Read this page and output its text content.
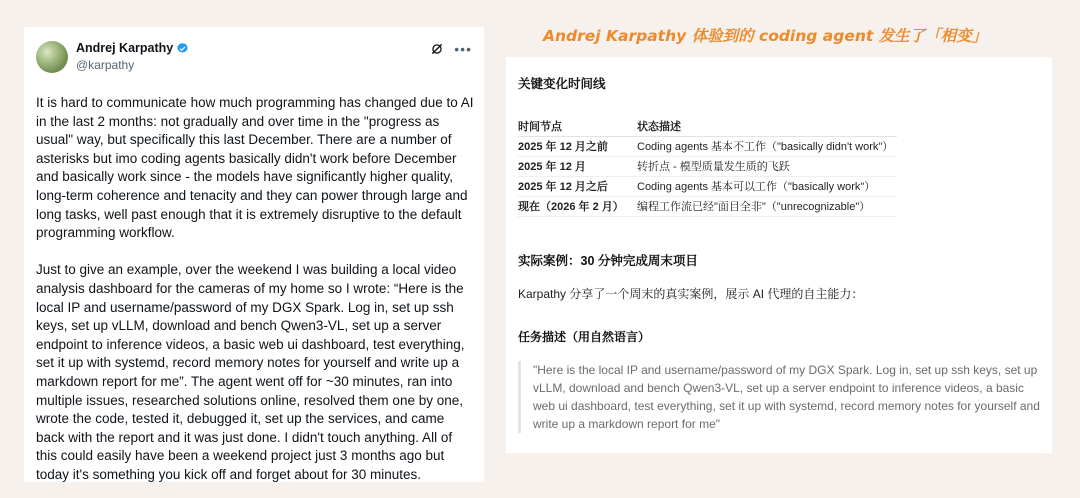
Andrej Karpathy
@karpathy
•••

It is hard to communicate how much programming has changed due to AI in the last 2 months: not gradually and over time in the "progress as usual" way, but specifically this last December. There are a number of asterisks but imo coding agents basically didn't work before December and basically work since - the models have significantly higher quality, long-term coherence and tenacity and they can power through large and long tasks, well past enough that it is extremely disruptive to the default programming workflow.

Just to give an example, over the weekend I was building a local video analysis dashboard for the cameras of my home so I wrote: “Here is the local IP and username/password of my DGX Spark. Log in, set up ssh keys, set up vLLM, download and bench Qwen3-VL, set up a server endpoint to inference videos, a basic web ui dashboard, test everything, set it up with systemd, record memory notes for yourself and write up a markdown report for me”. The agent went off for ~30 minutes, ran into multiple issues, researched solutions online, resolved them one by one, wrote the code, tested it, debugged it, set up the services, and came back with the report and it was just done. I didn't touch anything. All of this could easily have been a weekend project just 3 months ago but today it's something you kick off and forget about for 30 minutes.

Andrej Karpathy 体验到的 coding agent 发生了「相变」
关键变化时间线
时间节点	状态描述
2025 年 12 月之前	Coding agents 基本不工作（"basically didn't work"）
2025 年 12 月	转折点 - 模型质量发生质的飞跃
2025 年 12 月之后	Coding agents 基本可以工作（"basically work"）
现在（2026 年 2 月）	编程工作流已经"面目全非"（"unrecognizable"）
实际案例：30 分钟完成周末项目
Karpathy 分享了一个周末的真实案例，展示 AI 代理的自主能力：
任务描述（用自然语言）
"Here is the local IP and username/password of my DGX Spark. Log in, set up ssh keys, set up vLLM, download and bench Qwen3-VL, set up a server endpoint to inference videos, a basic web ui dashboard, test everything, set it up with systemd, record memory notes for yourself and write up a markdown report for me"
